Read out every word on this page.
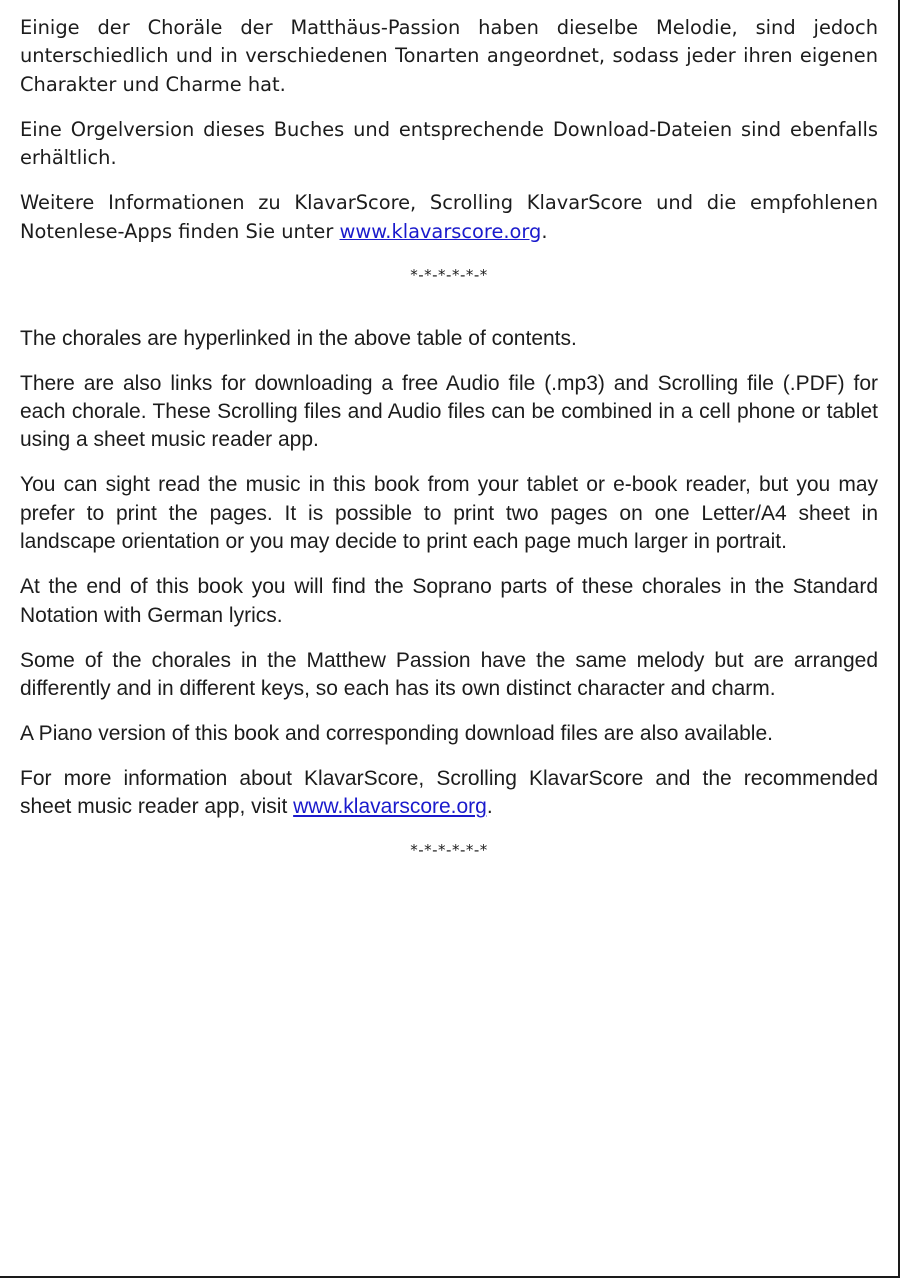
Einige der Choräle der Matthäus-Passion haben dieselbe Melodie, sind jedoch unterschiedlich und in verschiedenen Tonarten angeordnet, sodass jeder ihren eigenen Charakter und Charme hat.

Eine Orgelversion dieses Buches und entsprechende Download-Dateien sind ebenfalls erhältlich.

Weitere Informationen zu KlavarScore, Scrolling KlavarScore und die empfohlenen Notenlese-Apps finden Sie unter www.klavarscore.org.

*-*-*-*-*-*

The chorales are hyperlinked in the above table of contents.

There are also links for downloading a free Audio file (.mp3) and Scrolling file (.PDF) for each chorale. These Scrolling files and Audio files can be combined in a cell phone or tablet using a sheet music reader app.

You can sight read the music in this book from your tablet or e-book reader, but you may prefer to print the pages. It is possible to print two pages on one Letter/A4 sheet in landscape orientation or you may decide to print each page much larger in portrait.

At the end of this book you will find the Soprano parts of these chorales in the Standard Notation with German lyrics.

Some of the chorales in the Matthew Passion have the same melody but are arranged differently and in different keys, so each has its own distinct character and charm.

A Piano version of this book and corresponding download files are also available.

For more information about KlavarScore, Scrolling KlavarScore and the recommended sheet music reader app, visit www.klavarscore.org.

*-*-*-*-*-*
